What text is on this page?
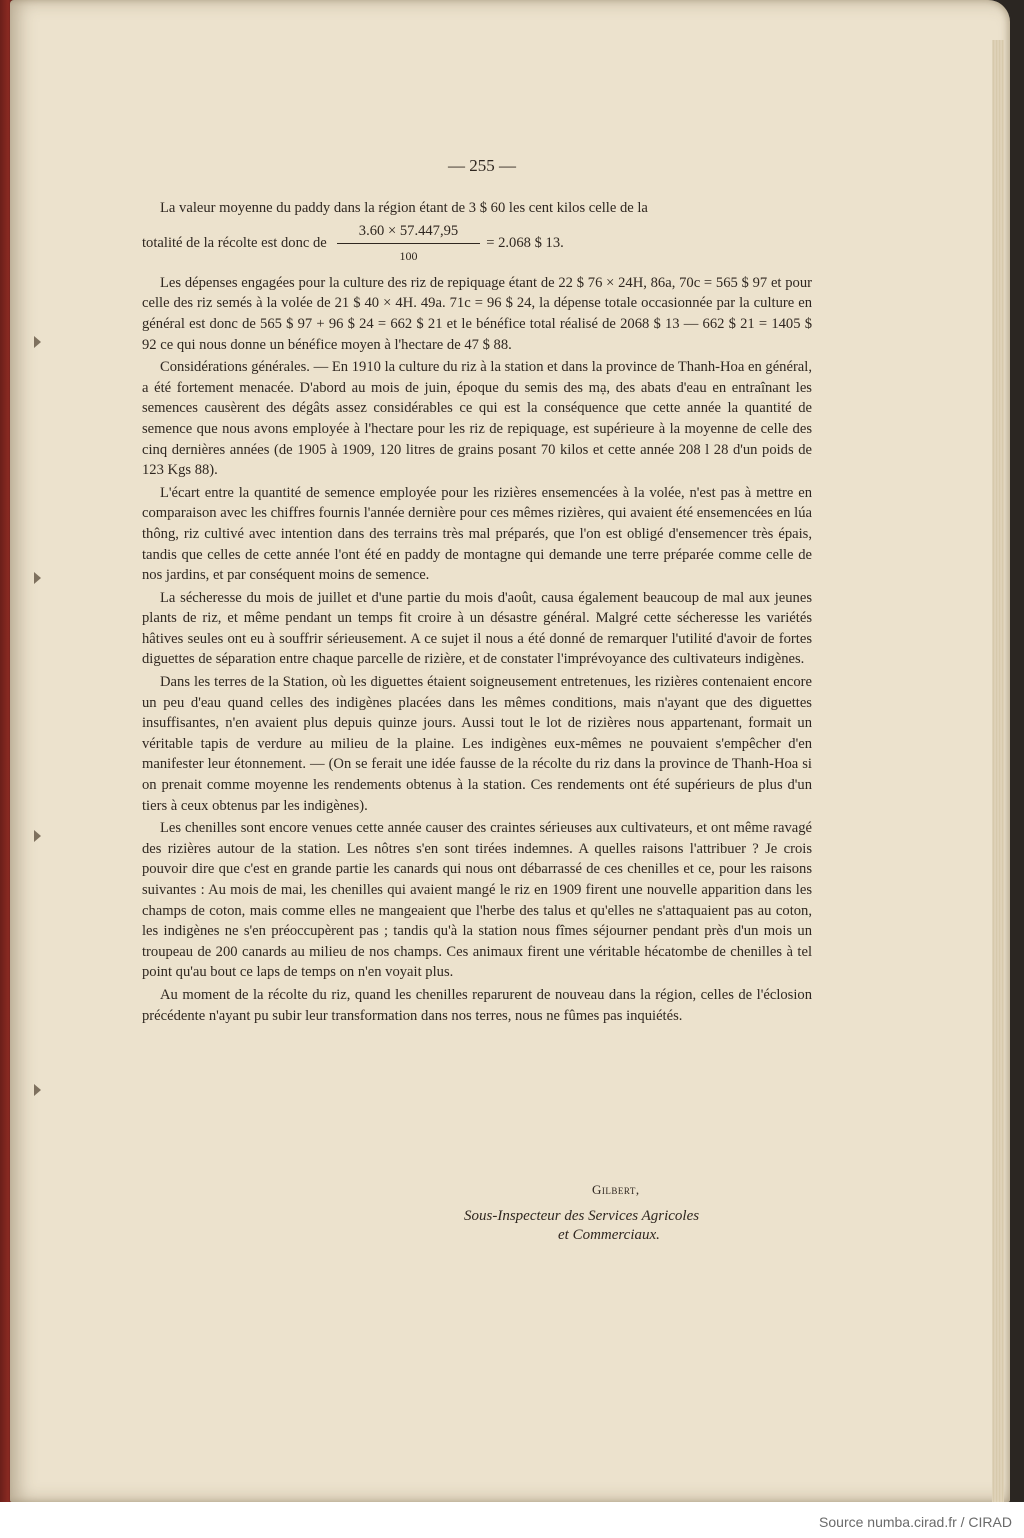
— 255 —

La valeur moyenne du paddy dans la région étant de 3 $ 60 les cent kilos celle de la

totalité de la récolte est donc de $\frac{3.60 \times 57.447,95}{100} = 2.068$ $ 13.

Les dépenses engagées pour la culture des riz de repiquage étant de 22 $ 76 × 24H, 86a, 70c = 565 $ 97 et pour celle des riz semés à la volée de 21 $ 40 × 4H. 49a. 71c = 96 $ 24, la dépense totale occasionnée par la culture en général est donc de 565 $ 97 + 96 $ 24 = 662 $ 21 et le bénéfice total réalisé de 2068 $ 13 — 662 $ 21 = 1405 $ 92 ce qui nous donne un bénéfice moyen à l'hectare de 47 $ 88.

Considérations générales. — En 1910 la culture du riz à la station et dans la province de Thanh-Hoa en général, a été fortement menacée. D'abord au mois de juin, époque du semis des mạ, des abats d'eau en entraînant les semences causèrent des dégâts assez considérables ce qui est la conséquence que cette année la quantité de semence que nous avons employée à l'hectare pour les riz de repiquage, est supérieure à la moyenne de celle des cinq dernières années (de 1905 à 1909, 120 litres de grains posant 70 kilos et cette année 208 l 28 d'un poids de 123 Kgs 88).

L'écart entre la quantité de semence employée pour les rizières ensemencées à la volée, n'est pas à mettre en comparaison avec les chiffres fournis l'année dernière pour ces mêmes rizières, qui avaient été ensemencées en lúa thông, riz cultivé avec intention dans des terrains très mal préparés, que l'on est obligé d'ensemencer très épais, tandis que celles de cette année l'ont été en paddy de montagne qui demande une terre préparée comme celle de nos jardins, et par conséquent moins de semence.

La sécheresse du mois de juillet et d'une partie du mois d'août, causa également beaucoup de mal aux jeunes plants de riz, et même pendant un temps fit croire à un désastre général. Malgré cette sécheresse les variétés hâtives seules ont eu à souffrir sérieusement. A ce sujet il nous a été donné de remarquer l'utilité d'avoir de fortes diguettes de séparation entre chaque parcelle de rizière, et de constater l'imprévoyance des cultivateurs indigènes.

Dans les terres de la Station, où les diguettes étaient soigneusement entretenues, les rizières contenaient encore un peu d'eau quand celles des indigènes placées dans les mêmes conditions, mais n'ayant que des diguettes insuffisantes, n'en avaient plus depuis quinze jours. Aussi tout le lot de rizières nous appartenant, formait un véritable tapis de verdure au milieu de la plaine. Les indigènes eux-mêmes ne pouvaient s'empêcher d'en manifester leur étonnement. — (On se ferait une idée fausse de la récolte du riz dans la province de Thanh-Hoa si on prenait comme moyenne les rendements obtenus à la station. Ces rendements ont été supérieurs de plus d'un tiers à ceux obtenus par les indigènes).

Les chenilles sont encore venues cette année causer des craintes sérieuses aux cultivateurs, et ont même ravagé des rizières autour de la station. Les nôtres s'en sont tirées indemnes. A quelles raisons l'attribuer ? Je crois pouvoir dire que c'est en grande partie les canards qui nous ont débarrassé de ces chenilles et ce, pour les raisons suivantes : Au mois de mai, les chenilles qui avaient mangé le riz en 1909 firent une nouvelle apparition dans les champs de coton, mais comme elles ne mangeaient que l'herbe des talus et qu'elles ne s'attaquaient pas au coton, les indigènes ne s'en préoccupèrent pas ; tandis qu'à la station nous fîmes séjourner pendant près d'un mois un troupeau de 200 canards au milieu de nos champs. Ces animaux firent une véritable hécatombe de chenilles à tel point qu'au bout ce laps de temps on n'en voyait plus.

Au moment de la récolte du riz, quand les chenilles reparurent de nouveau dans la région, celles de l'éclosion précédente n'ayant pu subir leur transformation dans nos terres, nous ne fûmes pas inquiétés.

Gilbert,
Sous-Inspecteur des Services Agricoles
et Commerciaux.
Source numba.cirad.fr / CIRAD
